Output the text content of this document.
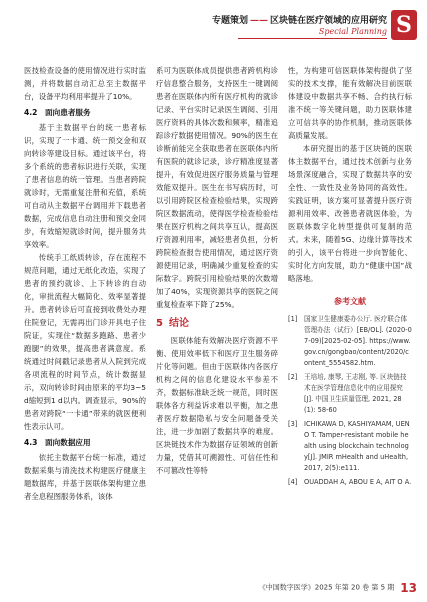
专题策划 —— 区块链在医疗领域的应用研究
Special Planning S

医技检查设备的使用情况进行实时监测，并将数据自动汇总至主数据平台，设备平均利用率提升了10%。

4.2　面向患者服务

基于主数据平台的统一患者标识，实现了一卡通、统一预交金和双向转诊等建设目标。通过该平台，将多个系统的患者标识进行关联，实现了患者信息的统一管理。当患者跨院就诊时，无需重复注册和充值，系统可自动从主数据平台调用并下载患者数据，完成信息自动注册和预交金同步，有效缩短就诊时间，提升服务共享效率。

传统手工纸质转诊，存在流程不规范问题，通过无纸化改造，实现了患者的预约就诊、上下转诊的自动化，审批流程大幅简化、效率显著提升。患者转诊后可直接到收费处办理住院登记，无需再出门诊开具电子住院证，实现住“数据多跑路、患者少跑腿”的效果，提高患者满意度。系统通过时间戳记录患者从入院到完成各项流程的时间节点，统计数据显示，双向转诊时间由原来的平均3~5 d缩短到1 d以内。调查显示，90%的患者对跨院“一卡通”带来的就医便利性表示认可。

4.3　面向数据应用

依托主数据平台统一标准，通过数据采集与清洗技术构建医疗健康主题数据库，并基于医联体架构建立患者全息程图服务体系，该体

系可为医联体成员提供患者跨机构诊疗信息整合服务，支持医生一键调阅患者在医联体内所有医疗机构的就诊记录、平台实时记录医生调阅、引用医疗资料的具体次数和频率，精准追踪诊疗数据使用情况。90%的医生在诊断前能完全获取患者在医联体内所有医院的就诊记录，诊疗精准度显著提升，有效促进医疗服务质量与管理效能双提升。医生在书写病历时，可以引用跨院区检查检验结果，实现跨院区数据流动，使得医学检查检验结果在医疗机构之间共享互认，提高医疗资源利用率，减轻患者负担，分析跨院检查报告使用情况，通过医疗资源使用记录，明确减少重复检查的实际数字。跨院引用检验结果的次数增加了40%，实现资源共享的医院之间重复检查率下降了25%。

5 结论

医联体能有效解决医疗资源不平衡、使用效率低下和医疗卫生服务碎片化等问题。但由于医联体内各医疗机构之间的信息化建设水平参差不齐，数据标准缺乏统一规范，同时医联体各方利益诉求难以平衡，加之患者医疗数据隐私与安全问题备受关注，进一步加剧了数据共享的难度。区块链技术作为数据存证领域的创新力量，凭借其可溯源性、可信任性和不可篡改性等特

性，为构建可信医联体架构提供了坚实的技术支撑，能有效解决目前医联体建设中数据共享不畅、合约执行标准不统一等关键问题，助力医联体建立可信共享的协作机制，推动医联体高质量发展。

本研究提出的基于区块链的医联体主数据平台，通过技术创新与业务场景深度融合，实现了数据共享的安全性、一致性及业务协同的高效性。实践证明，该方案可显著提升医疗资源利用效率、改善患者就医体验，为医联体数字化转型提供可复制的范式。未来，随着5G、边缘计算等技术的引入，该平台将进一步向智能化、实时化方向发展，助力“健康中国”战略落地。

参考文献
[1]	国家卫生健康委办公厅. 医疗联合体管理办法（试行）[EB/OL]. (2020-07-09)[2025-02-05]. https://www.gov.cn/gongbao/content/2020/content_5554582.htm.
[2]	王培培, 康琴, 王志刚, 等. 区块链技术在医学管理信息化中的应用探究[J]. 中国卫生质量管理, 2021, 28(1): 58-60
[3]	ICHIKAWA D, KASHIYAMAM, UENO T. Tamper-resistant mobile health using blockchain technology[J]. JMIR mHealth and uHealth, 2017, 2(5):e111.
[4]	OUADDAH A, ABOU E A, AIT O A.
《中国数字医学》2025 年第 20 卷 第 5 期 13
